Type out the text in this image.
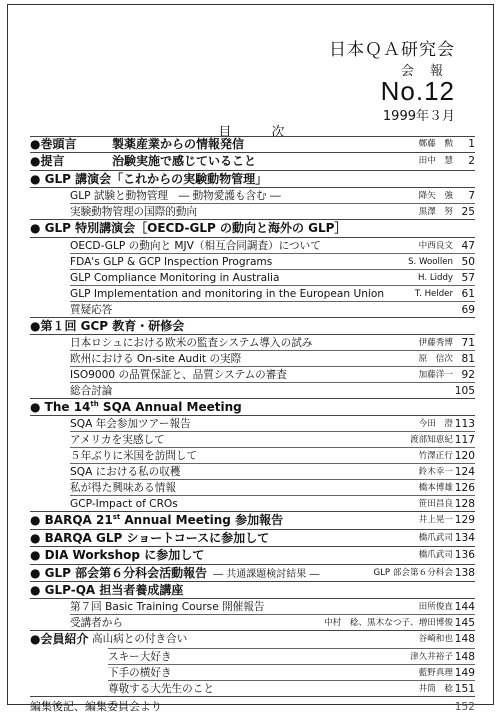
日本ＱＡ研究会
会 報
No.12
1999年３月
目 次
●巻頭言	製薬産業からの情報発信	鄭藤　勲 1
●提言	治験実施で感じていること	田中　慧 2
● GLP 講演会「これからの実験動物管理」
GLP 試験と動物管理　― 動物愛護も含む ―	降矢　強 7
実験動物管理の国際的動向	黒澤　努 25
● GLP 特別講演会［OECD-GLP の動向と海外の GLP］
OECD-GLP の動向と MJV（相互合同調査）について	中西良文 47
FDA's GLP & GCP Inspection Programs	S. Woollen 50
GLP Compliance Monitoring in Australia	H. Liddy 57
GLP Implementation and monitoring in the European Union	T. Helder 61
質疑応答	69
●第１回 GCP 教育・研修会
日本ロシュにおける欧米の監査システム導入の試み	伊藤秀博 71
欧州における On-site Audit の実際	原　信次 81
ISO9000 の品質保証と、品質システムの審査	加藤洋一 92
総合討論	105
● The 14th SQA Annual Meeting
SQA 年会参加ツアー報告	今田　澄 113
アメリカを実感して	渡部知恵紀 117
５年ぶりに米国を訪問して	竹澤正行 120
SQA における私の収穫	鈴木幸一 124
私が得た興味ある情報	橋本博雄 126
GCP-Impact of CROs	笹田昌良 128
● BARQA 21st Annual Meeting 参加報告	井上晃一 129
● BARQA GLP ショートコースに参加して	橋爪武司 134
● DIA Workshop に参加して	橋爪武司 136
● GLP 部会第６分科会活動報告 ― 共通課題検討結果 ―	GLP 部会第６分科会 138
● GLP-QA 担当者養成講座
第７回 Basic Training Course 開催報告	田所俊直 144
受講者から	中村　稔、黒木なつ子、増田博俊 145
●会員紹介 高山病との付き合い	谷崎和也 148
スキー大好き	津久井裕子 148
下手の横好き	藍野真理 149
尊敬する大先生のこと	井筒　稔 151
編集後記、編集委員会より	152
